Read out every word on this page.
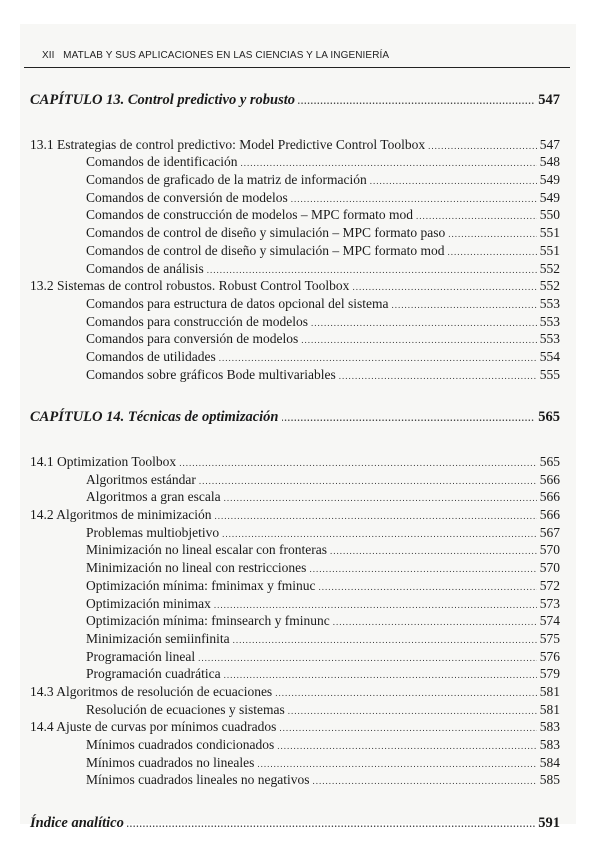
XII MATLAB Y SUS APLICACIONES EN LAS CIENCIAS Y LA INGENIERÍA
CAPÍTULO 13. Control predictivo y robusto .....	547
13.1 Estrategias de control predictivo: Model Predictive Control Toolbox .....	547
Comandos de identificación .....	548
Comandos de graficado de la matriz de información .....	549
Comandos de conversión de modelos .....	549
Comandos de construcción de modelos – MPC formato mod .....	550
Comandos de control de diseño y simulación – MPC formato paso .....	551
Comandos de control de diseño y simulación – MPC formato mod .....	551
Comandos de análisis .....	552
13.2 Sistemas de control robustos. Robust Control Toolbox .....	552
Comandos para estructura de datos opcional del sistema .....	553
Comandos para construcción de modelos .....	553
Comandos para conversión de modelos .....	553
Comandos de utilidades .....	554
Comandos sobre gráficos Bode multivariables .....	555
CAPÍTULO 14. Técnicas de optimización .....	565
14.1 Optimization Toolbox .....	565
Algoritmos estándar .....	566
Algoritmos a gran escala .....	566
14.2 Algoritmos de minimización .....	566
Problemas multiobjetivo .....	567
Minimización no lineal escalar con fronteras .....	570
Minimización no lineal con restricciones .....	570
Optimización mínima: fminimax y fminuc .....	572
Optimización minimax .....	573
Optimización mínima: fminsearch y fminunc .....	574
Minimización semiinfinita .....	575
Programación lineal .....	576
Programación cuadrática .....	579
14.3 Algoritmos de resolución de ecuaciones .....	581
Resolución de ecuaciones y sistemas .....	581
14.4 Ajuste de curvas por mínimos cuadrados .....	583
Mínimos cuadrados condicionados .....	583
Mínimos cuadrados no lineales .....	584
Mínimos cuadrados lineales no negativos .....	585
Índice analítico .....	591
